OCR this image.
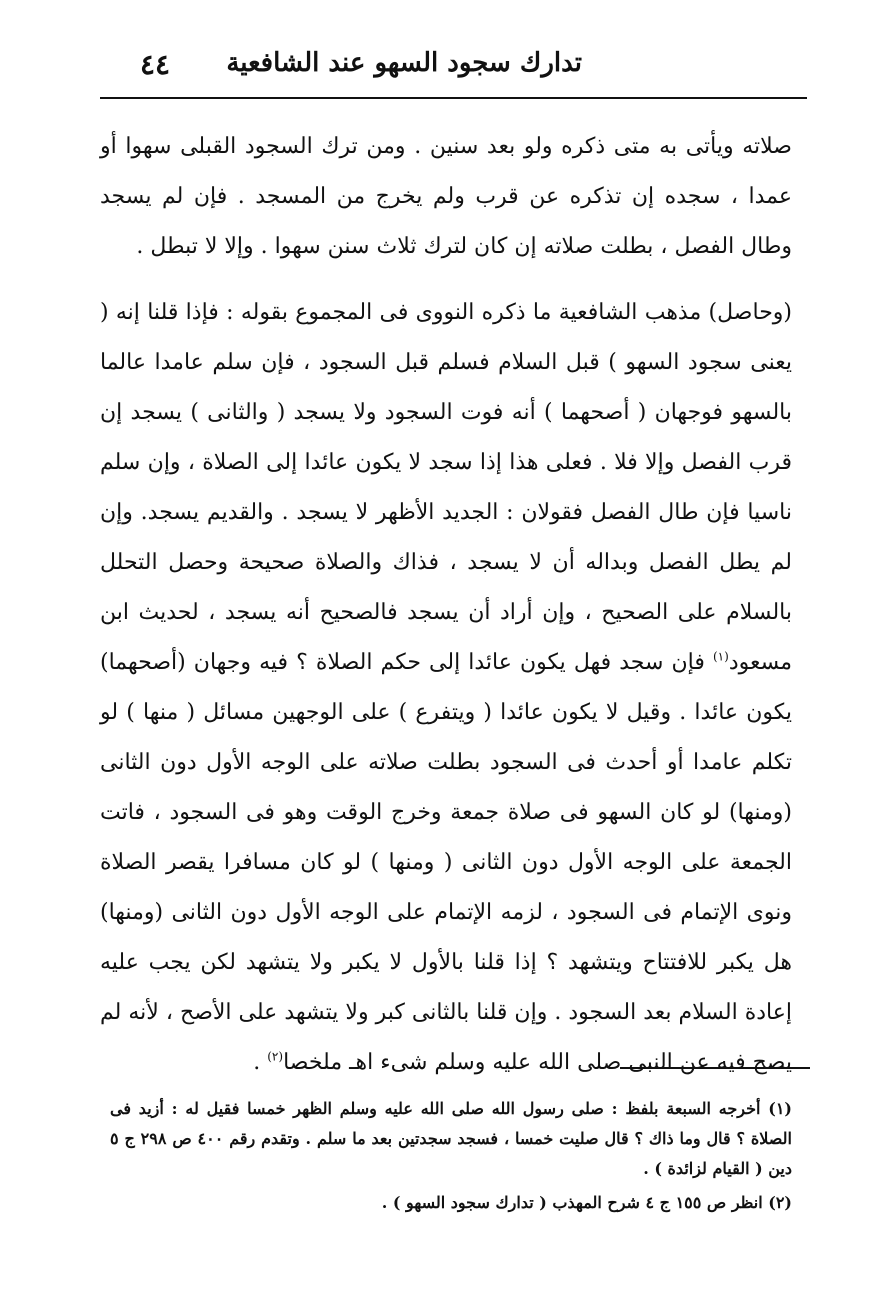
تدارك سجود السهو عند الشافعية
٤٤

صلاته ويأتى به متى ذكره ولو بعد سنين . ومن ترك السجود القبلى سهوا أو عمدا ، سجده إن تذكره عن قرب ولم يخرج من المسجد . فإن لم يسجد وطال الفصل ، بطلت صلاته إن كان لترك ثلاث سنن سهوا . وإلا لا تبطل .

(وحاصل) مذهب الشافعية ما ذكره النووى فى المجموع بقوله : فإذا قلنا إنه ( يعنى سجود السهو ) قبل السلام فسلم قبل السجود ، فإن سلم عامدا عالما بالسهو فوجهان ( أصحهما ) أنه فوت السجود ولا يسجد ( والثانى ) يسجد إن قرب الفصل وإلا فلا . فعلى هذا إذا سجد لا يكون عائدا إلى الصلاة ، وإن سلم ناسيا فإن طال الفصل فقولان : الجديد الأظهر لا يسجد . والقديم يسجد. وإن لم يطل الفصل وبداله أن لا يسجد ، فذاك والصلاة صحيحة وحصل التحلل بالسلام على الصحيح ، وإن أراد أن يسجد فالصحيح أنه يسجد ، لحديث ابن مسعود$^{(١)}$ فإن سجد فهل يكون عائدا إلى حكم الصلاة ؟ فيه وجهان (أصحهما) يكون عائدا . وقيل لا يكون عائدا ( ويتفرع ) على الوجهين مسائل ( منها ) لو تكلم عامدا أو أحدث فى السجود بطلت صلاته على الوجه الأول دون الثانى (ومنها) لو كان السهو فى صلاة جمعة وخرج الوقت وهو فى السجود ، فاتت الجمعة على الوجه الأول دون الثانى ( ومنها ) لو كان مسافرا يقصر الصلاة ونوى الإتمام فى السجود ، لزمه الإتمام على الوجه الأول دون الثانى (ومنها) هل يكبر للافتتاح ويتشهد ؟ إذا قلنا بالأول لا يكبر ولا يتشهد لكن يجب عليه إعادة السلام بعد السجود . وإن قلنا بالثانى كبر ولا يتشهد على الأصح ، لأنه لم يصح فيه عن النبى صلى الله عليه وسلم شىء اهـ ملخصا$^{(٢)}$ .

(١) أخرجه السبعة بلفظ : صلى رسول الله صلى الله عليه وسلم الظهر خمسا فقيل له : أزيد فى الصلاة ؟ قال وما ذاك ؟ قال صليت خمسا ، فسجد سجدتين بعد ما سلم . وتقدم رقم ٤٠٠ ص ٢٩٨ ج ٥ دين ( القيام لزائدة ) .

(٢) انظر ص ١٥٥ ج ٤ شرح المهذب ( تدارك سجود السهو ) .
